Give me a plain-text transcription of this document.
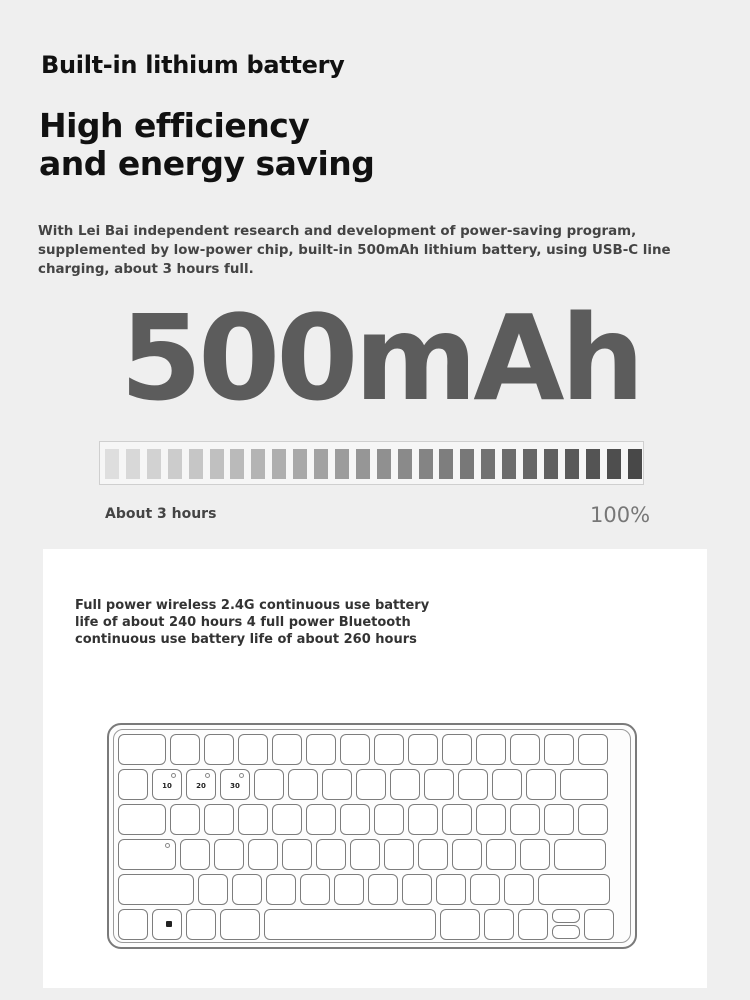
Built-in lithium battery
High efficiency
and energy saving
With Lei Bai independent research and development of power-saving program, supplemented by low-power chip, built-in 500mAh lithium battery, using USB-C line charging, about 3 hours full.
500mAh
About 3 hours	100%
Full power wireless 2.4G continuous use battery life of about 240 hours 4 full power Bluetooth continuous use battery life of about 260 hours
10	20	30
